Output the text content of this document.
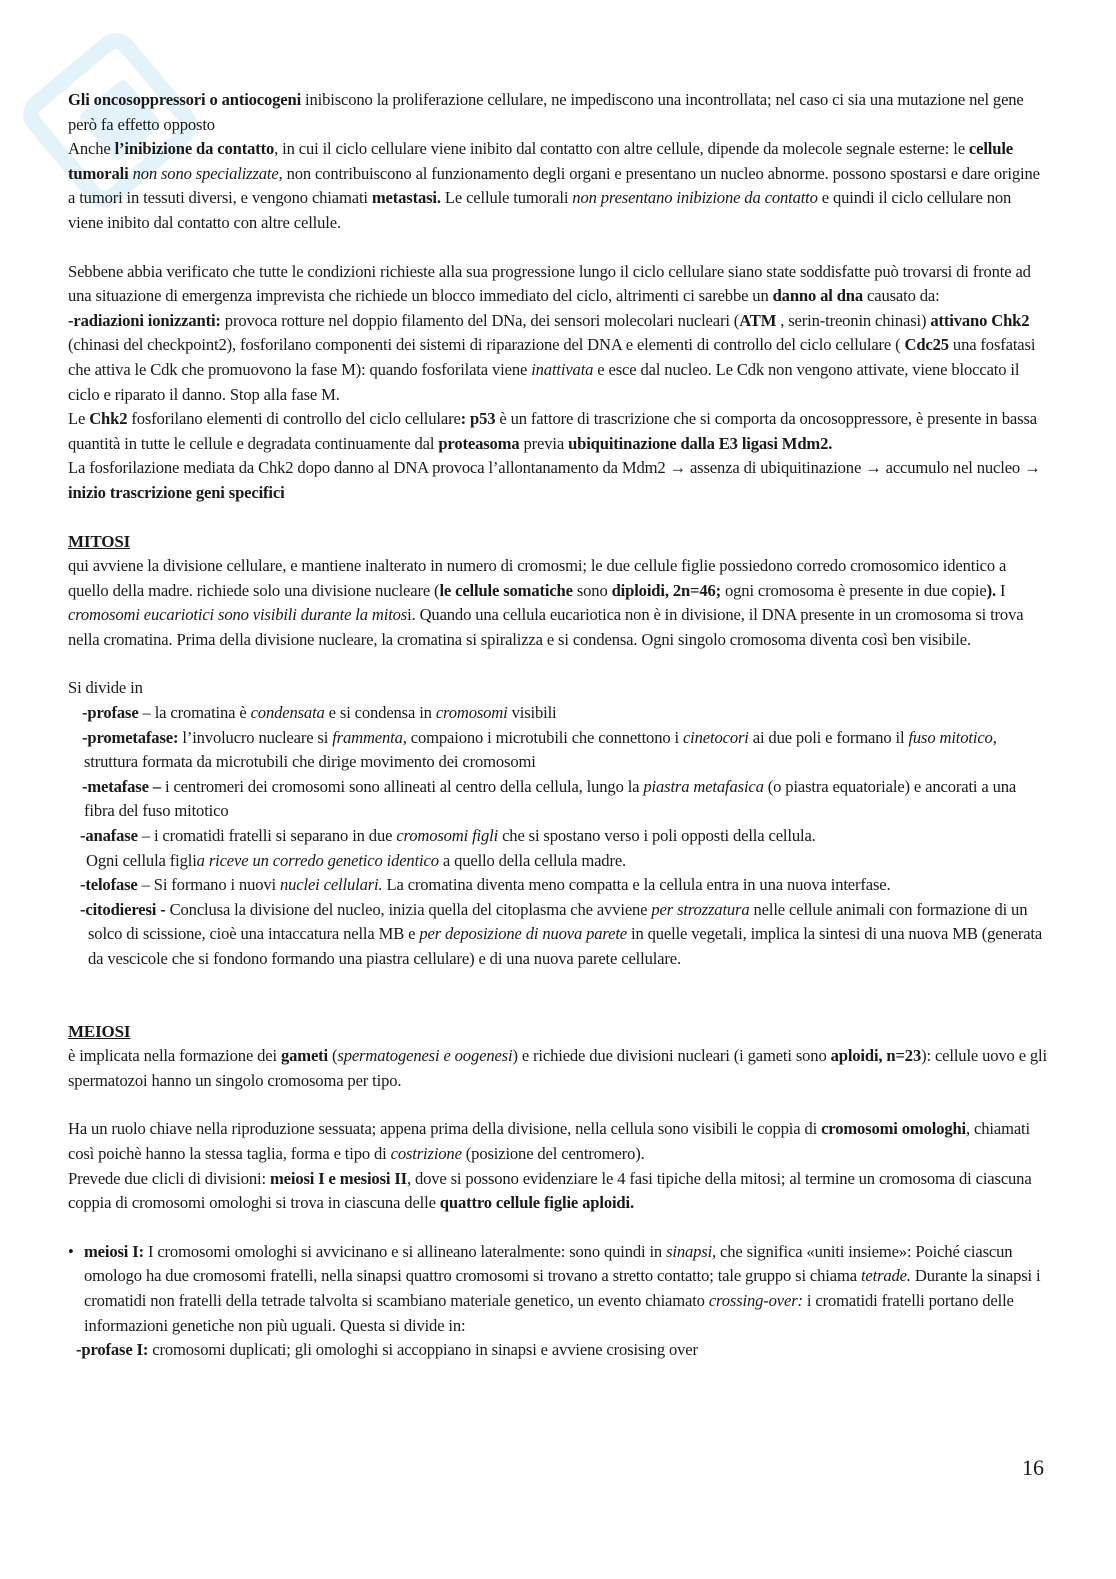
Gli oncosoppressori o antiocogeni inibiscono la proliferazione cellulare, ne impediscono una incontrollata; nel caso ci sia una mutazione nel gene però fa effetto opposto

Anche l’inibizione da contatto, in cui il ciclo cellulare viene inibito dal contatto con altre cellule, dipende da molecole segnale esterne: le cellule tumorali non sono specializzate, non contribuiscono al funzionamento degli organi e presentano un nucleo abnorme. possono spostarsi e dare origine a tumori in tessuti diversi, e vengono chiamati metastasi. Le cellule tumorali non presentano inibizione da contatto e quindi il ciclo cellulare non viene inibito dal contatto con altre cellule.

Sebbene abbia verificato che tutte le condizioni richieste alla sua progressione lungo il ciclo cellulare siano state soddisfatte può trovarsi di fronte ad una situazione di emergenza imprevista che richiede un blocco immediato del ciclo, altrimenti ci sarebbe un danno al dna causato da:

-radiazioni ionizzanti: provoca rotture nel doppio filamento del DNa, dei sensori molecolari nucleari (ATM , serin-treonin chinasi) attivano Chk2 (chinasi del checkpoint2), fosforilano componenti dei sistemi di riparazione del DNA e elementi di controllo del ciclo cellulare ( Cdc25 una fosfatasi che attiva le Cdk che promuovono la fase M): quando fosforilata viene inattivata e esce dal nucleo. Le Cdk non vengono attivate, viene bloccato il ciclo e riparato il danno. Stop alla fase M.

Le Chk2 fosforilano elementi di controllo del ciclo cellulare: p53 è un fattore di trascrizione che si comporta da oncosoppressore, è presente in bassa quantità in tutte le cellule e degradata continuamente dal proteasoma previa ubiquitinazione dalla E3 ligasi Mdm2.

La fosforilazione mediata da Chk2 dopo danno al DNA provoca l’allontanamento da Mdm2 → assenza di ubiquitinazione → accumulo nel nucleo → inizio trascrizione geni specifici

MITOSI

qui avviene la divisione cellulare, e mantiene inalterato in numero di cromosmi; le due cellule figlie possiedono corredo cromosomico identico a quello della madre. richiede solo una divisione nucleare (le cellule somatiche sono diploidi, 2n=46; ogni cromosoma è presente in due copie). I cromosomi eucariotici sono visibili durante la mitosi. Quando una cellula eucariotica non è in divisione, il DNA presente in un cromosoma si trova nella cromatina. Prima della divisione nucleare, la cromatina si spiralizza e si condensa. Ogni singolo cromosoma diventa così ben visibile.

Si divide in

-profase – la cromatina è condensata e si condensa in cromosomi visibili

-prometafase: l’involucro nucleare si frammenta, compaiono i microtubili che connettono i cinetocori ai due poli e formano il fuso mitotico, struttura formata da microtubili che dirige movimento dei cromosomi

-metafase – i centromeri dei cromosomi sono allineati al centro della cellula, lungo la piastra metafasica (o piastra equatoriale) e ancorati a una fibra del fuso mitotico

-anafase – i cromatidi fratelli si separano in due cromosomi figli che si spostano verso i poli opposti della cellula.

Ogni cellula figlia riceve un corredo genetico identico a quello della cellula madre.

-telofase – Si formano i nuovi nuclei cellulari. La cromatina diventa meno compatta e la cellula entra in una nuova interfase.

-citodieresi - Conclusa la divisione del nucleo, inizia quella del citoplasma che avviene per strozzatura nelle cellule animali con formazione di un solco di scissione, cioè una intaccatura nella MB e per deposizione di nuova parete in quelle vegetali, implica la sintesi di una nuova MB (generata da vescicole che si fondono formando una piastra cellulare) e di una nuova parete cellulare.

MEIOSI

è implicata nella formazione dei gameti (spermatogenesi e oogenesi) e richiede due divisioni nucleari (i gameti sono aploidi, n=23): cellule uovo e gli spermatozoi hanno un singolo cromosoma per tipo.

Ha un ruolo chiave nella riproduzione sessuata; appena prima della divisione, nella cellula sono visibili le coppia di cromosomi omologhi, chiamati così poichè hanno la stessa taglia, forma e tipo di costrizione (posizione del centromero).

Prevede due clicli di divisioni: meiosi I e mesiosi II, dove si possono evidenziare le 4 fasi tipiche della mitosi; al termine un cromosoma di ciascuna coppia di cromosomi omologhi si trova in ciascuna delle quattro cellule figlie aploidi.

• meiosi I: I cromosomi omologhi si avvicinano e si allineano lateralmente: sono quindi in sinapsi, che significa «uniti insieme»: Poiché ciascun omologo ha due cromosomi fratelli, nella sinapsi quattro cromosomi si trovano a stretto contatto; tale gruppo si chiama tetrade. Durante la sinapsi i cromatidi non fratelli della tetrade talvolta si scambiano materiale genetico, un evento chiamato crossing-over: i cromatidi fratelli portano delle informazioni genetiche non più uguali. Questa si divide in:

-profase I: cromosomi duplicati; gli omologhi si accoppiano in sinapsi e avviene crosising over

16
